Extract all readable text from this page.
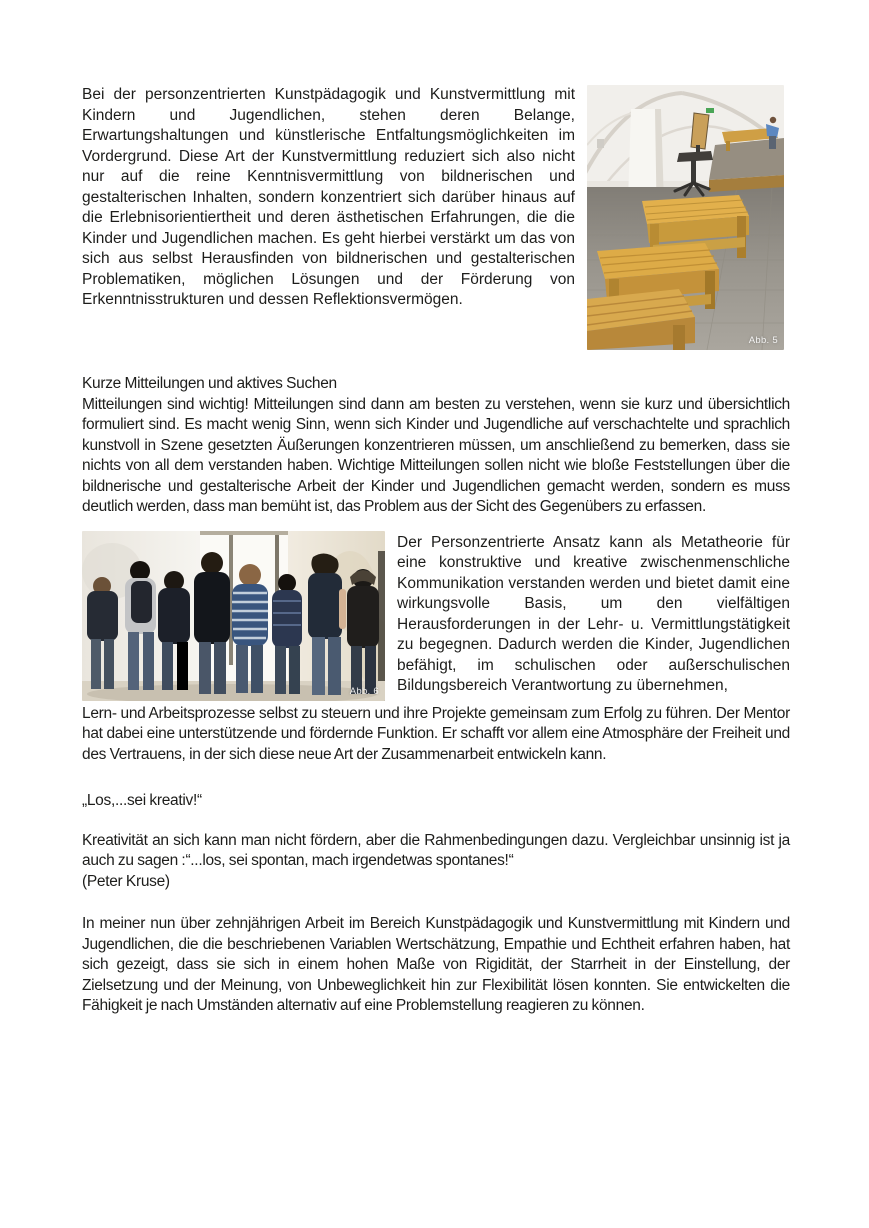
Bei der personzentrierten Kunstpädagogik und Kunstvermittlung mit Kindern und Jugendlichen, stehen deren Belange, Erwartungshaltungen und künstlerische Entfaltungsmöglichkeiten im Vordergrund. Diese Art der Kunstvermittlung reduziert sich also nicht nur auf die reine Kenntnisvermittlung von bildnerischen und gestalterischen Inhalten, sondern konzentriert sich darüber hinaus auf die Erlebnisorientiertheit und deren ästhetischen Erfahrungen, die die Kinder und Jugendlichen machen. Es geht hierbei verstärkt um das von sich aus selbst Herausfinden von bildnerischen und gestalterischen Problematiken, möglichen Lösungen und der Förderung von Erkenntnisstrukturen und dessen Reflektionsvermögen.

Abb. 5

Kurze Mitteilungen und aktives Suchen

Mitteilungen sind wichtig! Mitteilungen sind dann am besten zu verstehen, wenn sie kurz und übersichtlich formuliert sind. Es macht wenig Sinn, wenn sich Kinder und Jugendliche auf verschachtelte und sprachlich kunstvoll in Szene gesetzten Äußerungen konzentrieren müssen, um anschließend zu bemerken, dass sie nichts von all dem verstanden haben. Wichtige Mitteilungen sollen nicht wie bloße Feststellungen über die bildnerische und gestalterische Arbeit der Kinder und Jugendlichen gemacht werden, sondern es muss deutlich werden, dass man bemüht ist, das Problem aus der Sicht des Gegenübers zu erfassen.

Abb. 6

Der Personzentrierte Ansatz kann als Metatheorie für eine konstruktive und kreative zwischenmenschliche Kommunikation verstanden werden und bietet damit eine wirkungsvolle Basis, um den vielfältigen Herausforderungen in der Lehr- u. Vermittlungstätigkeit zu begegnen. Dadurch werden die Kinder, Jugendlichen befähigt, im schulischen oder außerschulischen Bildungsbereich Verantwortung zu übernehmen,

Lern- und Arbeitsprozesse selbst zu steuern und ihre Projekte gemeinsam zum Erfolg zu führen. Der Mentor hat dabei eine unterstützende und fördernde Funktion. Er schafft vor allem eine Atmosphäre der Freiheit und des Vertrauens, in der sich diese neue Art der Zusammenarbeit entwickeln kann.

„Los,...sei kreativ!“

Kreativität an sich kann man nicht fördern, aber die Rahmenbedingungen dazu. Vergleichbar unsinnig ist ja auch zu sagen :“...los, sei spontan, mach irgendetwas spontanes!“

(Peter Kruse)

In meiner nun über zehnjährigen Arbeit im Bereich Kunstpädagogik und Kunstvermittlung mit Kindern und Jugendlichen, die die beschriebenen Variablen Wertschätzung, Empathie und Echtheit erfahren haben, hat sich gezeigt, dass sie sich in einem hohen Maße von Rigidität, der Starrheit in der Einstellung, der Zielsetzung und der Meinung, von Unbeweglichkeit hin zur Flexibilität lösen konnten. Sie entwickelten die Fähigkeit je nach Umständen alternativ auf eine Problemstellung reagieren zu können.
